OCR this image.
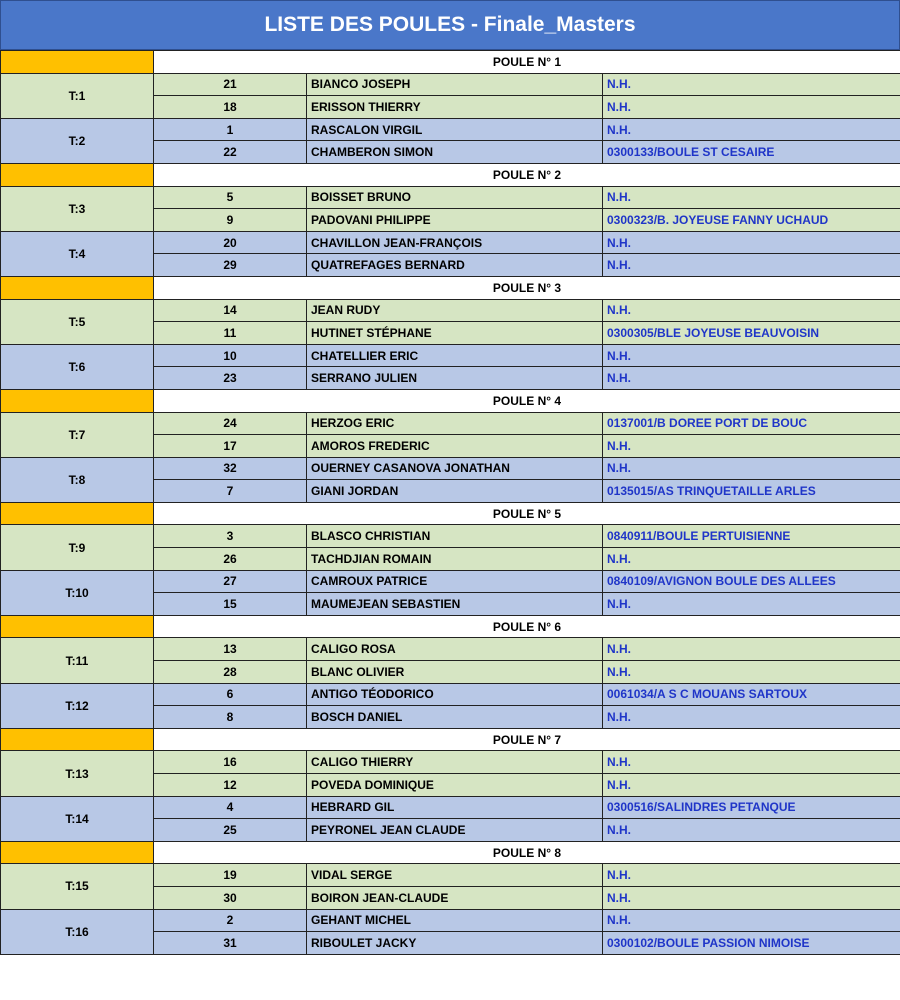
LISTE DES POULES - Finale_Masters
	POULE N° 1		
T:1	21	BIANCO JOSEPH	N.H.
	18	ERISSON THIERRY	N.H.
T:2	1	RASCALON VIRGIL	N.H.
	22	CHAMBERON SIMON	0300133/BOULE ST CESAIRE
	POULE N° 2		
T:3	5	BOISSET BRUNO	N.H.
	9	PADOVANI PHILIPPE	0300323/B. JOYEUSE FANNY UCHAUD
T:4	20	CHAVILLON JEAN-FRANÇOIS	N.H.
	29	QUATREFAGES BERNARD	N.H.
	POULE N° 3		
T:5	14	JEAN RUDY	N.H.
	11	HUTINET STÉPHANE	0300305/BLE JOYEUSE BEAUVOISIN
T:6	10	CHATELLIER ERIC	N.H.
	23	SERRANO JULIEN	N.H.
	POULE N° 4		
T:7	24	HERZOG ERIC	0137001/B DOREE PORT DE BOUC
	17	AMOROS FREDERIC	N.H.
T:8	32	OUERNEY CASANOVA JONATHAN	N.H.
	7	GIANI JORDAN	0135015/AS TRINQUETAILLE ARLES
	POULE N° 5		
T:9	3	BLASCO CHRISTIAN	0840911/BOULE PERTUISIENNE
	26	TACHDJIAN ROMAIN	N.H.
T:10	27	CAMROUX PATRICE	0840109/AVIGNON BOULE DES ALLEES
	15	MAUMEJEAN SEBASTIEN	N.H.
	POULE N° 6		
T:11	13	CALIGO ROSA	N.H.
	28	BLANC OLIVIER	N.H.
T:12	6	ANTIGO TÉODORICO	0061034/A S C MOUANS SARTOUX
	8	BOSCH DANIEL	N.H.
	POULE N° 7		
T:13	16	CALIGO THIERRY	N.H.
	12	POVEDA DOMINIQUE	N.H.
T:14	4	HEBRARD GIL	0300516/SALINDRES PETANQUE
	25	PEYRONEL JEAN CLAUDE	N.H.
	POULE N° 8		
T:15	19	VIDAL SERGE	N.H.
	30	BOIRON JEAN-CLAUDE	N.H.
T:16	2	GEHANT MICHEL	N.H.
	31	RIBOULET JACKY	0300102/BOULE PASSION NIMOISE
